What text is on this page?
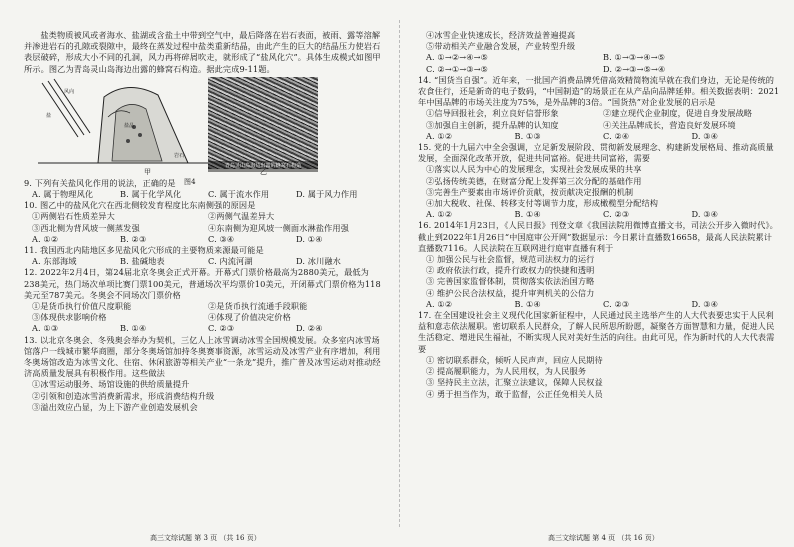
盐类物质被风或者海水、盐湖或含盐土中带到空气中，最后降落在岩石表面，被雨、露等溶解并渗进岩石的孔隙或裂隙中，最终在蒸发过程中盐类重新结晶，由此产生的巨大的结晶压力使岩石表层破碎，形成大小不同的孔洞，风力再将碎屑吹走，就形成了“盐风化穴”。具体生成模式如图甲所示。图乙为青岛灵山岛海边出露的蜂窝石构造。据此完成9-11题。

盐
风向
盐晶
岩石
青岛灵山岛海边出露的蜂窝石构造
甲	乙
图4

9. 下列有关盐风化作用的说法，正确的是

A. 属于物理风化	B. 属于化学风化	C. 属于流水作用	D. 属于风力作用

10. 图乙中的盐风化穴在西北侧较发育程度比东南侧强的原因是

①两侧岩石性质差异大	②两侧气温差异大
③西北侧为背风坡一侧蒸发强	④东南侧为迎风坡一侧面水淋盐作用强
A. ①②	B. ②③	C. ③④	D. ①④

11. 我国西北内陆地区多见盐风化穴形成的主要物质来源最可能是

A. 东部海域	B. 盐碱地表	C. 内流河湖	D. 冰川融水

12. 2022年2月4日，第24届北京冬奥会正式开幕。开幕式门票价格最高为2880美元，最低为238美元，热门场次单项比赛门票100美元，普通场次平均票价10美元，开闭幕式门票价格为118美元至787美元。冬奥会不同场次门票价格

①是货币执行价值尺度职能	②是货币执行流通手段职能
③体现供求影响价格	④体现了价值决定价格
A. ①③	B. ①④	C. ②③	D. ②④

13. 以北京冬奥会、冬残奥会举办为契机，三亿人上冰雪调动冰雪全国规模发展。众多室内冰雪场馆落户一线城市繁华商圈，部分冬奥场馆加持冬奥赛事资源，冰雪运动及冰雪产业有序增加，利用冬奥场馆改造为冰雪文化、住宿、休闲旅游等相关产业“一条龙”提升，推广普及冰雪运动对推动经济高质量发展具有积极作用。这些做法

①冰雪运动服务、场馆设施的供给质量提升

②引领和创造冰雪消费新需求，形成消费结构升级

③溢出效应凸显，为上下游产业创造发展机会

④冰雪企业快速成长，经济效益普遍提高

⑤带动相关产业融合发展，产业转型升级

A. ①→②→④→⑤	B. ①→③→④→⑤
C. ②→①→③→⑤	D. ②→③→⑤→④

14. “国货当自强”。近年来，一批国产消费品牌凭借高效精简物流早就在我们身边，无论是传统的农食住行，还是新奇的电子数码，“中国制造”的场景正在从产品向品牌延伸。相关数据表明：2021年中国品牌的市场关注度为75%，是外品牌的3倍。“国货热”对企业发展的启示是

①信导回报社会，利立良好信誉形象	②建立现代企业制度，促进自身发展战略
③加强自主创新，提升品牌的认知度	④关注品牌成长，营造良好发展环境
A. ①②	B. ①③	C. ②④	D. ③④

15. 党的十九届六中全会强调，立足新发展阶段、贯彻新发展理念、构建新发展格局、推动高质量发展，全面深化改革开放，促进共同富裕。促进共同富裕，需要

①落实以人民为中心的发展理念，实现社会发展成果的共享

②弘扬传统美德，在财富分配上发挥第三次分配的基础作用

③完善生产要素由市场评价贡献，按贡献决定报酬的机制

④加大税收、社保、转移支付等调节力度，形成橄榄型分配结构

A. ①②	B. ①④	C. ②③	D. ③④

16. 2014年1月23日，《人民日报》刊登文章《我国法院用微博直播文书，司法公开步入微时代》。截止到2022年1月26日“中国庭审公开网”数据显示：今日累计直播数16658，最高人民法院累计直播数7116。人民法院在互联网进行庭审直播有利于

① 加强公民与社会监督，规范司法权力的运行

② 政府依法行政，提升行政权力的快捷和透明

③ 完善国家监督体制，贯彻落实依法治国方略

④ 维护公民合法权益，提升审判机关的公信力

A. ①②	B. ①④	C. ②③	D. ③④

17. 在全国建设社会主义现代化国家新征程中，人民通过民主选举产生的人大代表要忠实于人民利益和意志依法履职。密切联系人民群众，了解人民所思所盼愿，凝聚各方面智慧和力量，促进人民生活稳定、增进民生福祉，不断实现人民对美好生活的向往。由此可见，作为新时代的人大代表需要

① 密切联系群众，倾听人民声声，回应人民期待

② 提高履职能力，为人民用权，为人民服务

③ 坚持民主立法，汇聚立法建议，保障人民权益

④ 勇于担当作为，敢于监督，公正任免相关人员

高三文综试题 第 3 页 （共 16 页）	高三文综试题 第 4 页 （共 16 页）
